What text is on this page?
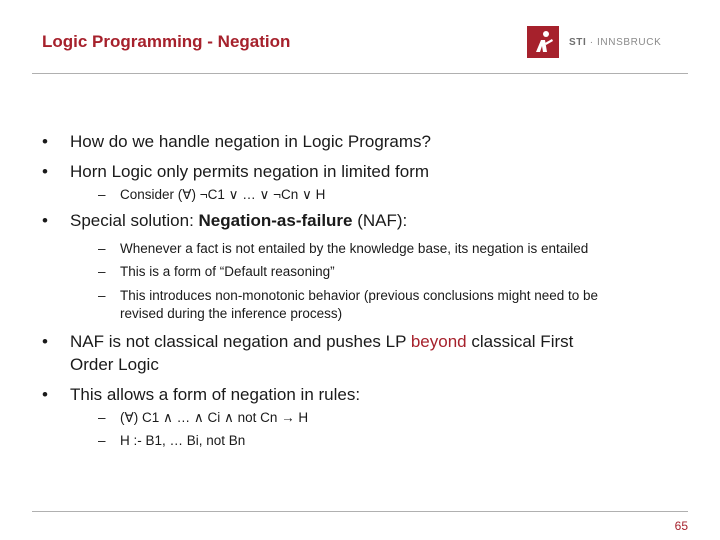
Logic Programming - Negation	STI · INNSBRUCK
• How do we handle negation in Logic Programs?
• Horn Logic only permits negation in limited form
– Consider (∀) ¬C1 ∨ … ∨ ¬Cn ∨ H
• Special solution: Negation-as-failure (NAF):
– Whenever a fact is not entailed by the knowledge base, its negation is entailed
– This is a form of “Default reasoning”
– This introduces non-monotonic behavior (previous conclusions might need to be
revised during the inference process)
• NAF is not classical negation and pushes LP beyond classical First
Order Logic
• This allows a form of negation in rules:
– (∀) C1 ∧ … ∧ Ci ∧ not Cn → H
– H :- B1, … Bi, not Bn
65
